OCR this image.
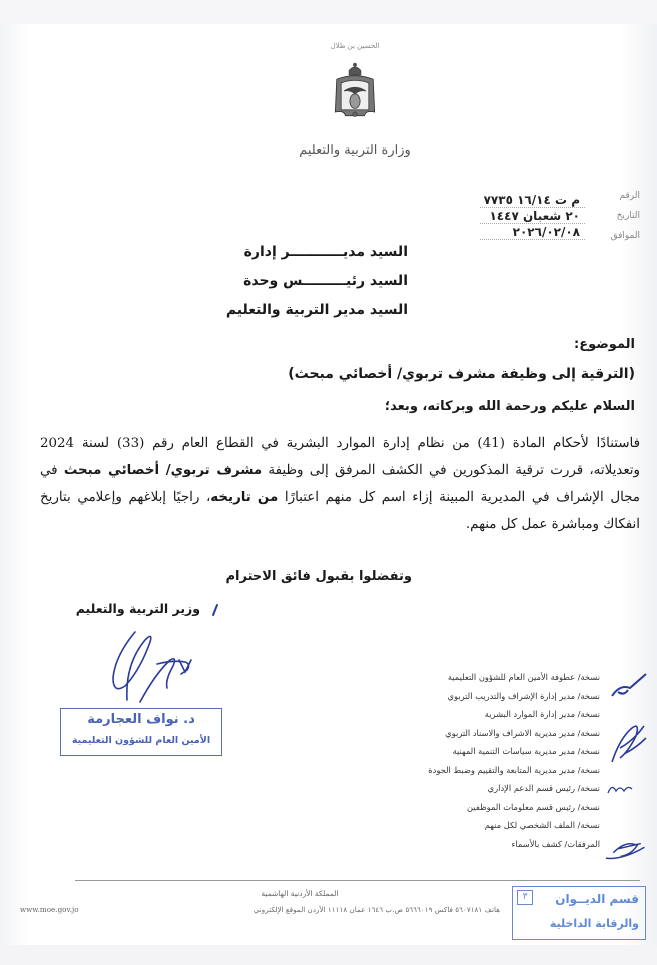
الحسين بن طلال
وزارة التربية والتعليم
الرقم
التاريخ
الموافق
م ت ١٦/١٤ ٧٧٣٥
٢٠ شعبان ١٤٤٧
٢٠٢٦/٠٢/٠٨
السيد مديـــــــــــر إدارة
السيد رئيـــــــــس وحدة
السيد مدير التربية والتعليم
الموضوع:
(الترقية إلى وظيفة مشرف تربوي/ أخصائي مبحث)
السلام عليكم ورحمة الله وبركاته، وبعد؛
فاستنادًا لأحكام المادة (41) من نظام إدارة الموارد البشرية في القطاع العام رقم (33) لسنة 2024 وتعديلاته، قررت ترقية المذكورين في الكشف المرفق إلى وظيفة مشرف تربوي/ أخصائي مبحث في مجال الإشراف في المديرية المبينة إزاء اسم كل منهم اعتبارًا من تاريخه، راجيًا إبلاغهم وإعلامي بتاريخ انفكاك ومباشرة عمل كل منهم.
وتفضلوا بقبول فائق الاحترام
وزير التربية والتعليم
د. نواف العجارمة
الأمين العام للشؤون التعليمية
نسخة/ عطوفة الأمين العام للشؤون التعليمية
نسخة/ مدير إدارة الإشراف والتدريب التربوي
نسخة/ مدير إدارة الموارد البشرية
نسخة/ مدير مديرية الاشراف والاسناد التربوي
نسخة/ مدير مديرية سياسات التنمية المهنية
نسخة/ مدير مديرية المتابعة والتقييم وضبط الجودة
نسخة/ رئيس قسم الدعم الإداري
نسخة/ رئيس قسم معلومات الموظفين
نسخة/ الملف الشخصي لكل منهم
المرفقات/ كشف بالأسماء
المملكة الأردنية الهاشمية
www.moe.gov.jo	هاتف ٥٦٠٧١٨١ فاكس ٥٦٦٦٠١٩ ص.ب ١٦٤٦ عمان ١١١١٨ الأردن الموقع الإلكتروني
٣	قسم الديــوان
والرقابة الداخلية
